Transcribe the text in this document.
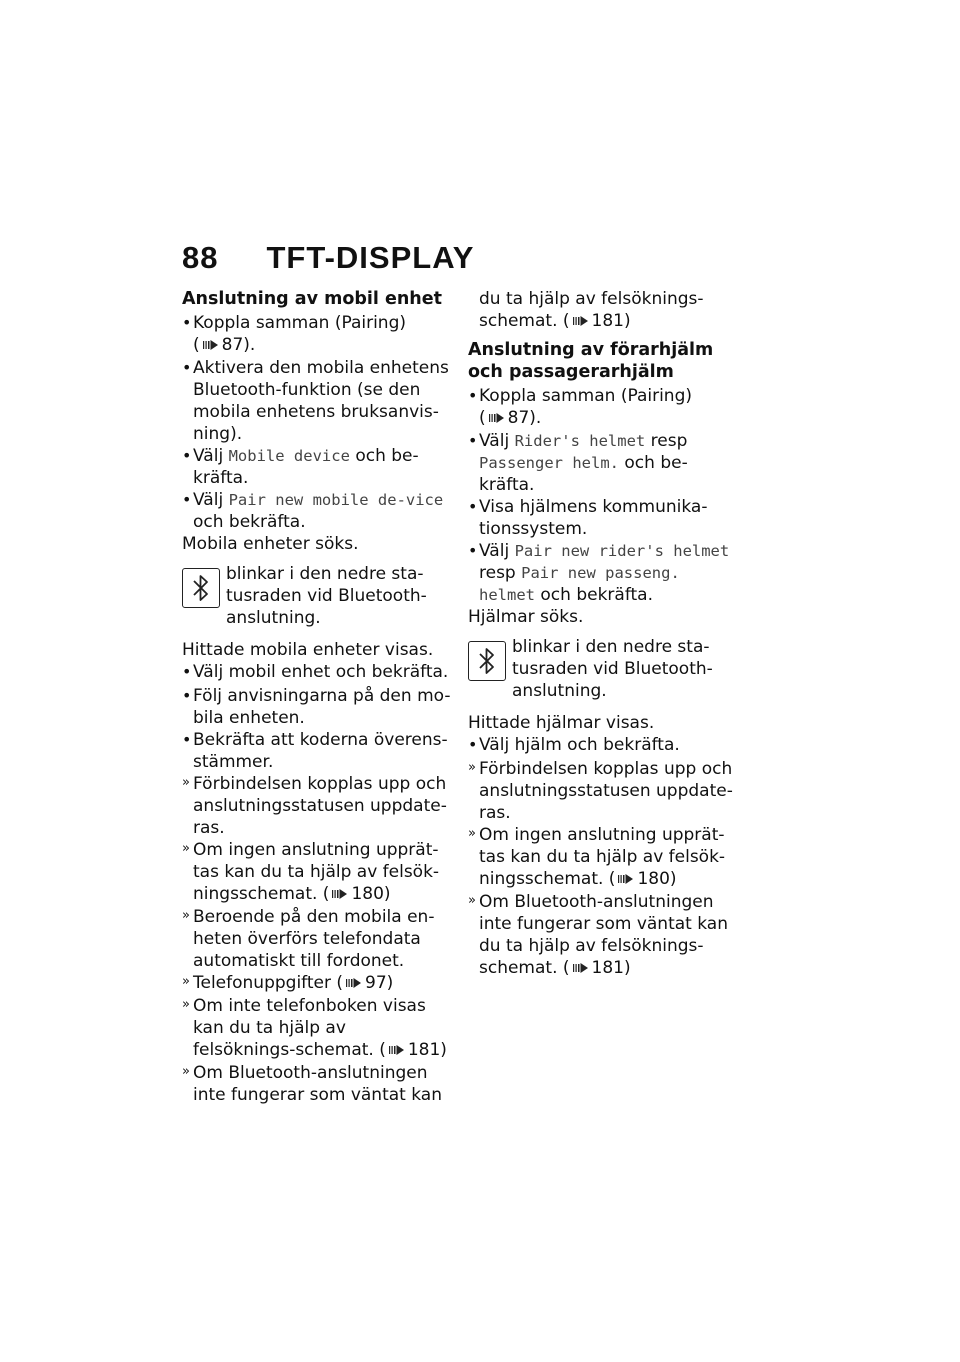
88 TFT-DISPLAY
Anslutning av mobil enhet
•
Koppla samman (Pairing)
( 87).
•
Aktivera den mobila enhetens Bluetooth-funktion (se den mobila enhetens bruksanvis-ning).
•
Välj Mobile device och be-kräfta.
•
Välj Pair new mobile de-vice och bekräfta.
Mobila enheter söks.
blinkar i den nedre sta-tusraden vid Bluetooth-anslutning.
Hittade mobila enheter visas.
•
Välj mobil enhet och bekräfta.
•
Följ anvisningarna på den mo-bila enheten.
•
Bekräfta att koderna överens-stämmer.
»
Förbindelsen kopplas upp och anslutningsstatusen uppdate-ras.
»
Om ingen anslutning upprät-tas kan du ta hjälp av felsök-ningsschemat. ( 180)
»
Beroende på den mobila en-heten överförs telefondata automatiskt till fordonet.
»
Telefonuppgifter ( 97)
»
Om inte telefonboken visas kan du ta hjälp av felsöknings-schemat. ( 181)
»
Om Bluetooth-anslutningen inte fungerar som väntat kan
du ta hjälp av felsöknings-schemat. ( 181)
Anslutning av förarhjälm och passagerarhjälm
•
Koppla samman (Pairing)
( 87).
•
Välj Rider's helmet resp Passenger helm. och be-kräfta.
•
Visa hjälmens kommunika-tionssystem.
•
Välj Pair new rider's helmet resp Pair new passeng. helmet och bekräfta.
Hjälmar söks.
blinkar i den nedre sta-tusraden vid Bluetooth-anslutning.
Hittade hjälmar visas.
•
Välj hjälm och bekräfta.
»
Förbindelsen kopplas upp och anslutningsstatusen uppdate-ras.
»
Om ingen anslutning upprät-tas kan du ta hjälp av felsök-ningsschemat. ( 180)
»
Om Bluetooth-anslutningen inte fungerar som väntat kan du ta hjälp av felsöknings-schemat. ( 181)
